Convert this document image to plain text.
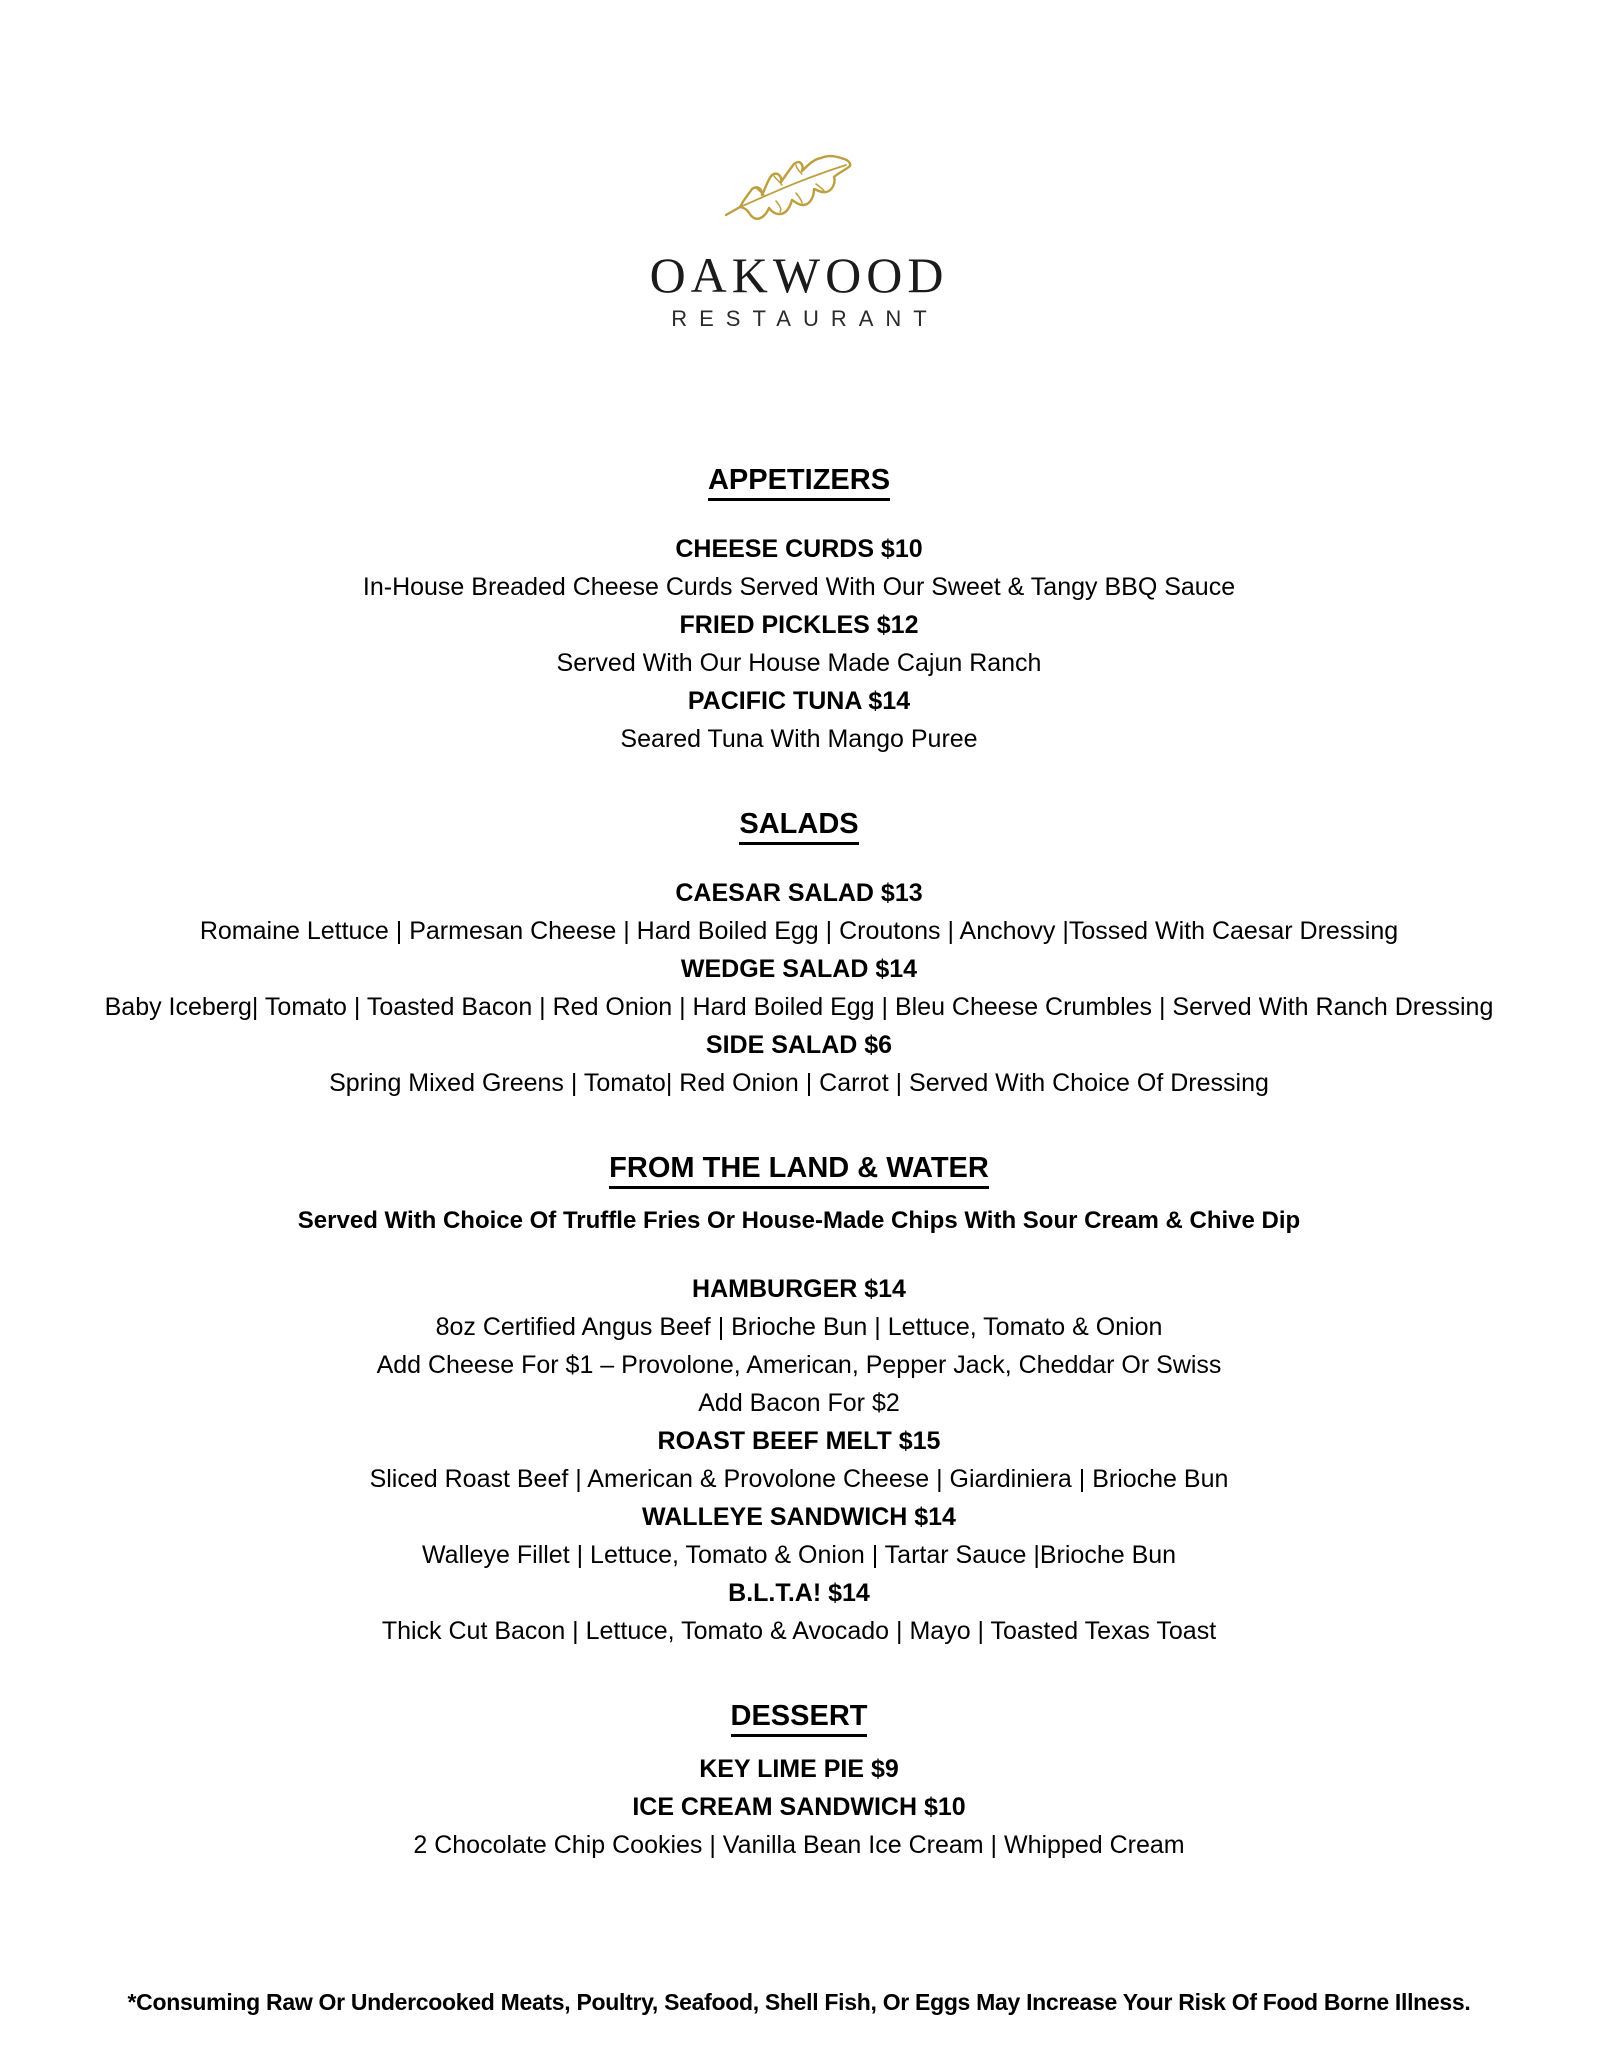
OAKWOOD
RESTAURANT
APPETIZERS
CHEESE CURDS $10
In-House Breaded Cheese Curds Served With Our Sweet & Tangy BBQ Sauce
FRIED PICKLES $12
Served With Our House Made Cajun Ranch
PACIFIC TUNA $14
Seared Tuna With Mango Puree
SALADS
CAESAR SALAD $13
Romaine Lettuce | Parmesan Cheese | Hard Boiled Egg | Croutons | Anchovy |Tossed With Caesar Dressing
WEDGE SALAD $14
Baby Iceberg| Tomato | Toasted Bacon | Red Onion | Hard Boiled Egg | Bleu Cheese Crumbles | Served With Ranch Dressing
SIDE SALAD $6
Spring Mixed Greens | Tomato| Red Onion | Carrot | Served With Choice Of Dressing
FROM THE LAND & WATER
Served With Choice Of Truffle Fries Or House-Made Chips With Sour Cream & Chive Dip
HAMBURGER $14
8oz Certified Angus Beef | Brioche Bun | Lettuce, Tomato & Onion
Add Cheese For $1 – Provolone, American, Pepper Jack, Cheddar Or Swiss
Add Bacon For $2
ROAST BEEF MELT $15
Sliced Roast Beef | American & Provolone Cheese | Giardiniera | Brioche Bun
WALLEYE SANDWICH $14
Walleye Fillet | Lettuce, Tomato & Onion | Tartar Sauce |Brioche Bun
B.L.T.A! $14
Thick Cut Bacon | Lettuce, Tomato & Avocado | Mayo | Toasted Texas Toast
DESSERT
KEY LIME PIE $9
ICE CREAM SANDWICH $10
2 Chocolate Chip Cookies | Vanilla Bean Ice Cream | Whipped Cream
*Consuming Raw Or Undercooked Meats, Poultry, Seafood, Shell Fish, Or Eggs May Increase Your Risk Of Food Borne Illness.
